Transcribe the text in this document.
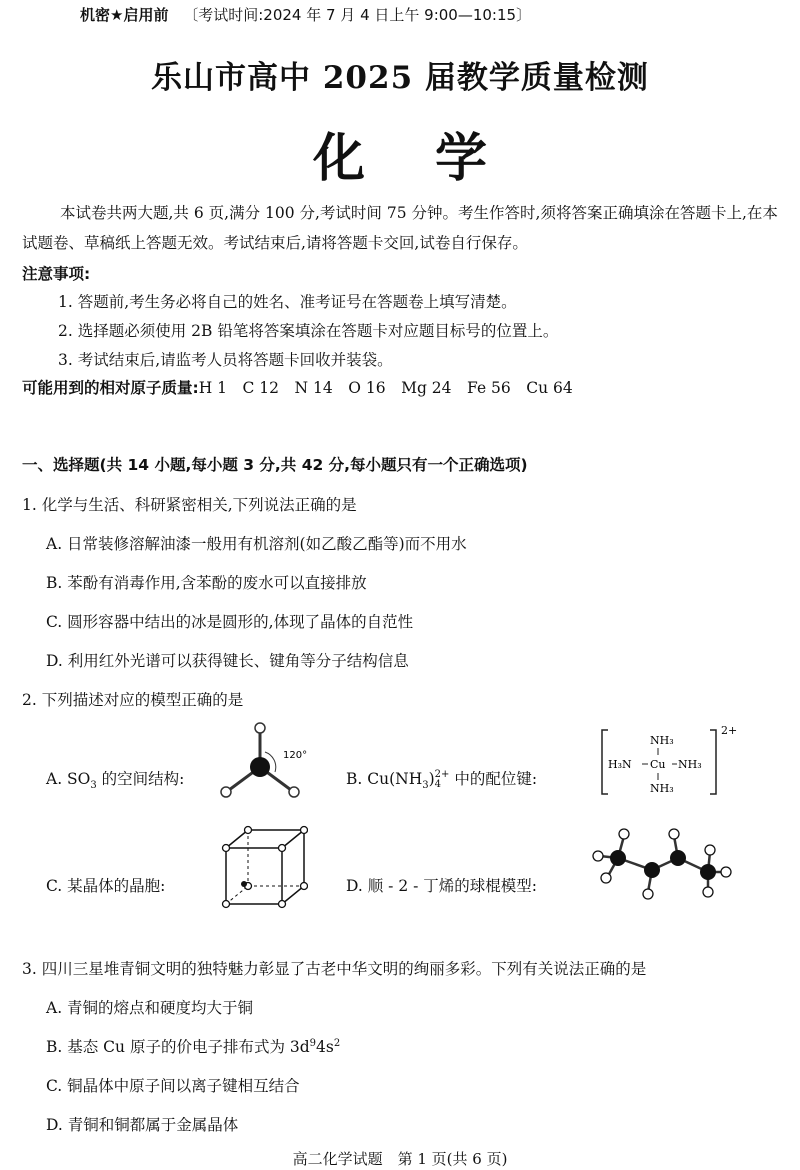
机密★启用前 〔考试时间:2024 年 7 月 4 日上午 9:00—10:15〕
乐山市高中 2025 届教学质量检测
化学
本试卷共两大题,共 6 页,满分 100 分,考试时间 75 分钟。考生作答时,须将答案正确填涂在答题卡上,在本试题卷、草稿纸上答题无效。考试结束后,请将答题卡交回,试卷自行保存。
注意事项:
1. 答题前,考生务必将自己的姓名、准考证号在答题卷上填写清楚。
2. 选择题必须使用 2B 铅笔将答案填涂在答题卡对应题目标号的位置上。
3. 考试结束后,请监考人员将答题卡回收并装袋。
可能用到的相对原子质量:H 1　C 12　N 14　O 16　Mg 24　Fe 56　Cu 64
一、选择题(共 14 小题,每小题 3 分,共 42 分,每小题只有一个正确选项)
1. 化学与生活、科研紧密相关,下列说法正确的是
A. 日常装修溶解油漆一般用有机溶剂(如乙酸乙酯等)而不用水
B. 苯酚有消毒作用,含苯酚的废水可以直接排放
C. 圆形容器中结出的冰是圆形的,体现了晶体的自范性
D. 利用红外光谱可以获得键长、键角等分子结构信息
2. 下列描述对应的模型正确的是
A. $SO_3$ 的空间结构:
120°
B. $Cu(NH_3)$ 2+
4 中的配位键:
NH₃
H₃N Cu NH₃
NH₃
2+
C. 某晶体的晶胞:	D. 顺 - 2 - 丁烯的球棍模型:
3. 四川三星堆青铜文明的独特魅力彰显了古老中华文明的绚丽多彩。下列有关说法正确的是
A. 青铜的熔点和硬度均大于铜
B. 基态 Cu 原子的价电子排布式为 $3d^94s^2$
C. 铜晶体中原子间以离子键相互结合
D. 青铜和铜都属于金属晶体
高二化学试题　第 1 页(共 6 页)
